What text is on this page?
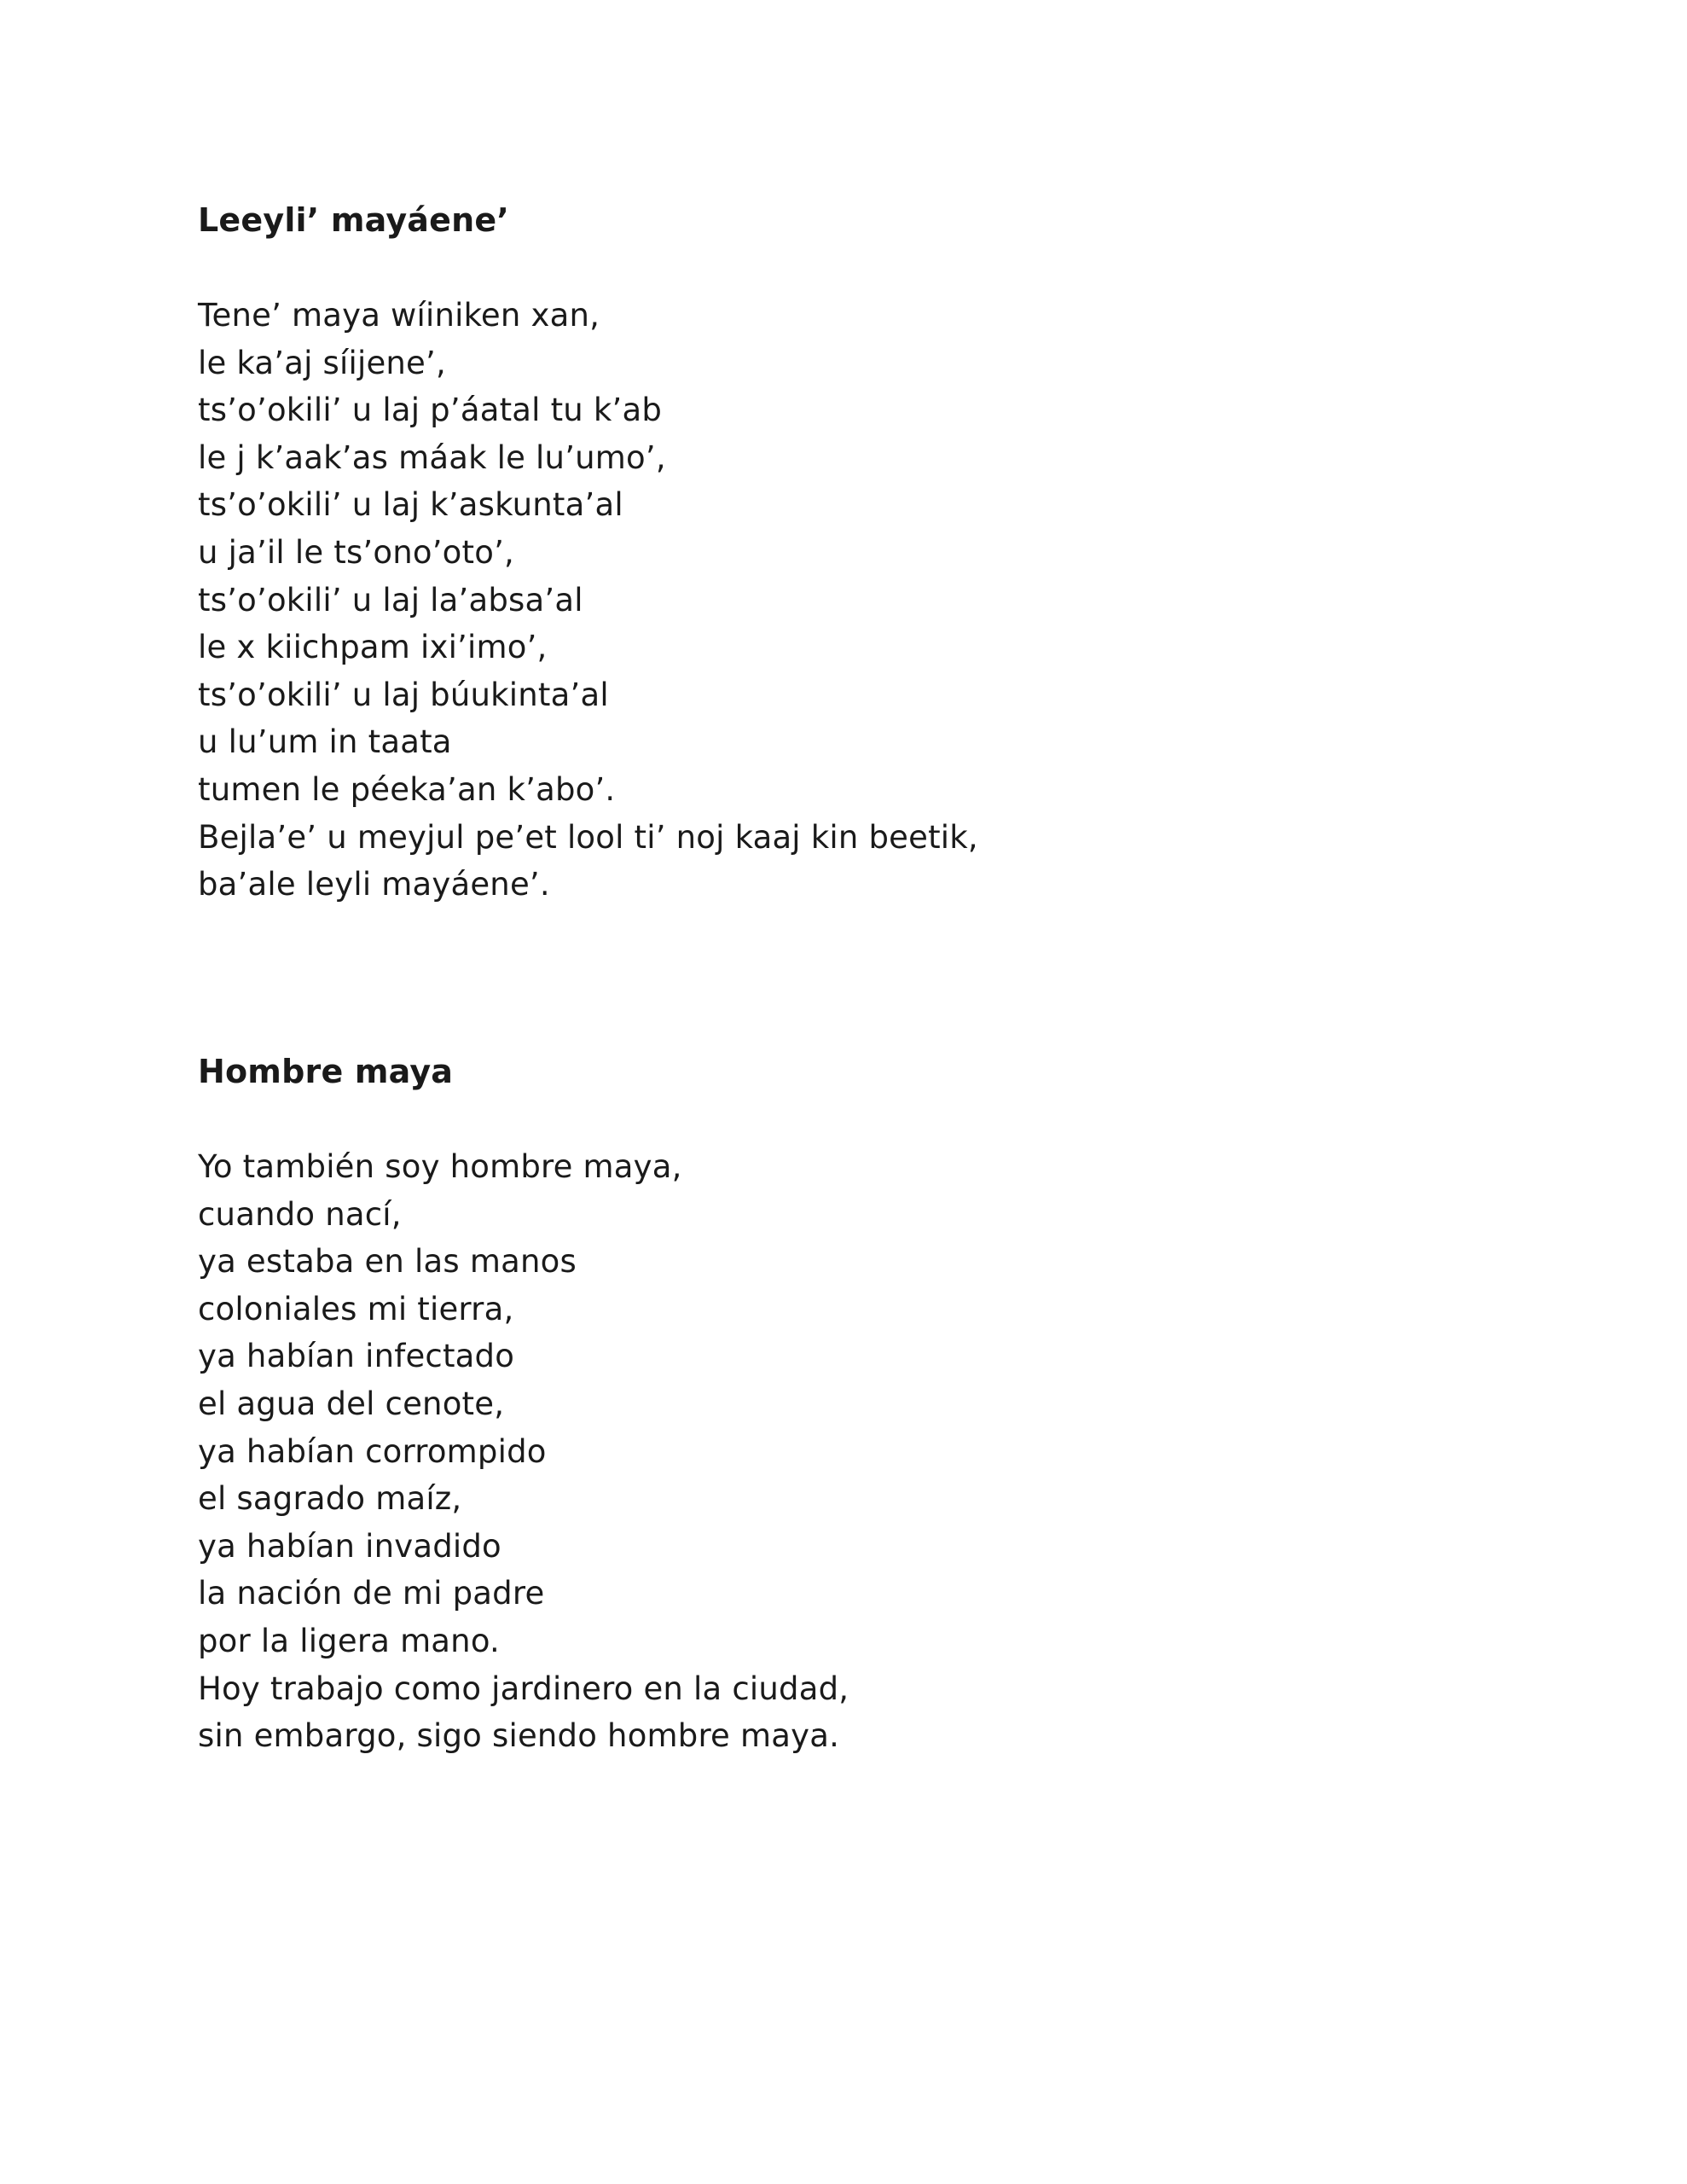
Leeyli’ mayáene’
Tene’ maya wíiniken xan,
le ka’aj síijene’,
ts’o’okili’ u laj p’áatal tu k’ab
le j k’aak’as máak le lu’umo’,
ts’o’okili’ u laj k’askunta’al
u ja’il le ts’ono’oto’,
ts’o’okili’ u laj la’absa’al
le x kiichpam ixi’imo’,
ts’o’okili’ u laj búukinta’al
u lu’um in taata
tumen le péeka’an k’abo’.
Bejla’e’ u meyjul pe’et lool ti’ noj kaaj kin beetik,
ba’ale leyli mayáene’.
Hombre maya
Yo también soy hombre maya,
cuando nací,
ya estaba en las manos
coloniales mi tierra,
ya habían infectado
el agua del cenote,
ya habían corrompido
el sagrado maíz,
ya habían invadido
la nación de mi padre
por la ligera mano.
Hoy trabajo como jardinero en la ciudad,
sin embargo, sigo siendo hombre maya.
